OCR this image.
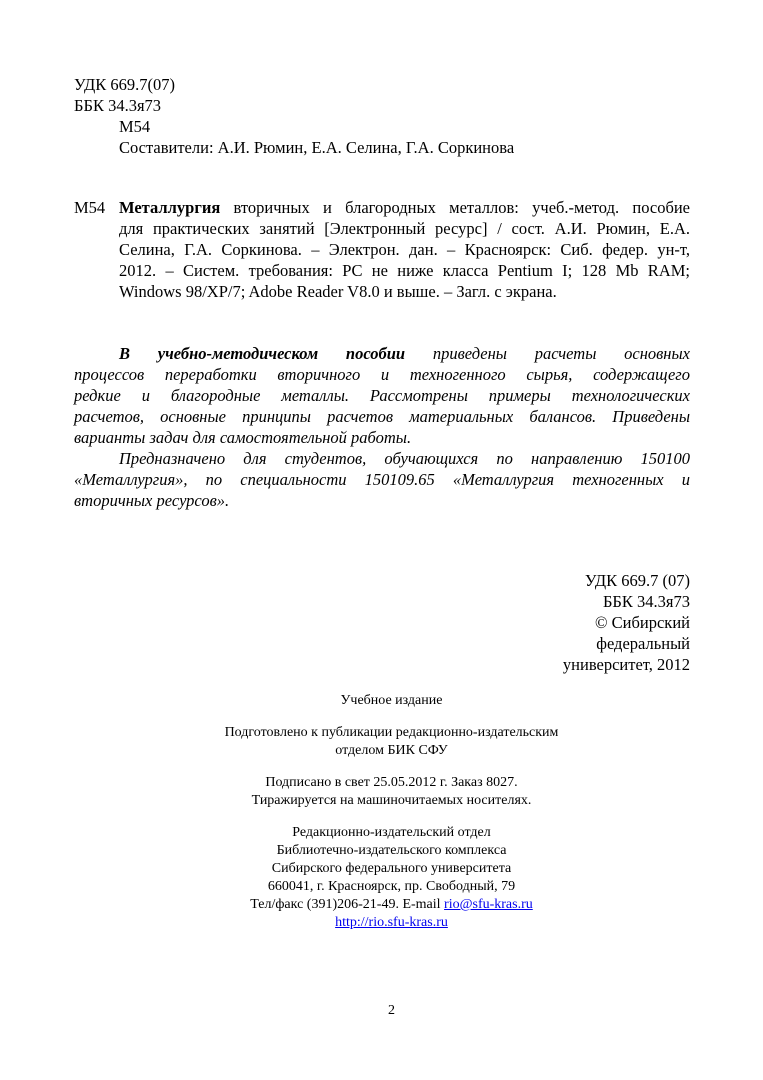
УДК 669.7(07)
ББК 34.3я73
М54
Составители: А.И. Рюмин, Е.А. Селина, Г.А. Соркинова
М54 Металлургия вторичных и благородных металлов: учеб.-метод. пособие
для практических занятий [Электронный ресурс] / сост. А.И. Рюмин, Е.А.
Селина, Г.А. Соркинова. – Электрон. дан. – Красноярск: Сиб. федер. ун-т,
2012. – Систем. требования: PC не ниже класса Pentium I; 128 Mb RAM;
Windows 98/XP/7; Adobe Reader V8.0 и выше. – Загл. с экрана.

В учебно-методическом пособии приведены расчеты основных
процессов переработки вторичного и техногенного сырья, содержащего
редкие и благородные металлы. Рассмотрены примеры технологических
расчетов, основные принципы расчетов материальных балансов. Приведены
варианты задач для самостоятельной работы.

Предназначено для студентов, обучающихся по направлению 150100
«Металлургия», по специальности 150109.65 «Металлургия техногенных и
вторичных ресурсов».

УДК 669.7 (07)
ББК 34.3я73
© Сибирский
федеральный
университет, 2012
Учебное издание
Подготовлено к публикации редакционно-издательским
отделом БИК СФУ
Подписано в свет 25.05.2012 г. Заказ 8027.
Тиражируется на машиночитаемых носителях.
Редакционно-издательский отдел
Библиотечно-издательского комплекса
Сибирского федерального университета
660041, г. Красноярск, пр. Свободный, 79
Тел/факс (391)206-21-49. E-mail rio@sfu-kras.ru
http://rio.sfu-kras.ru
2
